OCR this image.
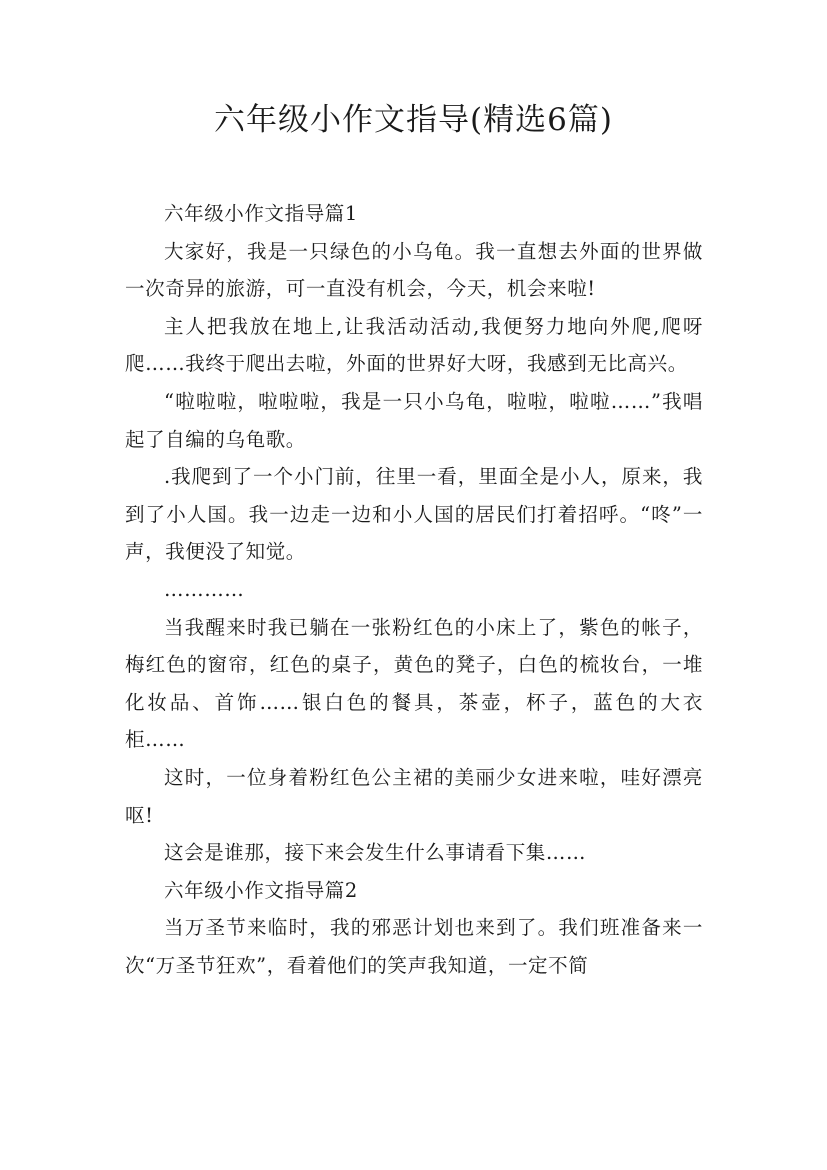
六年级小作文指导(精选6篇)

六年级小作文指导篇1

大家好，我是一只绿色的小乌龟。我一直想去外面的世界做一次奇异的旅游，可一直没有机会，今天，机会来啦!

主人把我放在地上,让我活动活动,我便努力地向外爬,爬呀爬……我终于爬出去啦，外面的世界好大呀，我感到无比高兴。

“啦啦啦，啦啦啦，我是一只小乌龟，啦啦，啦啦……”我唱起了自编的乌龟歌。

.我爬到了一个小门前，往里一看，里面全是小人，原来，我到了小人国。我一边走一边和小人国的居民们打着招呼。“咚”一声，我便没了知觉。

…………

当我醒来时我已躺在一张粉红色的小床上了，紫色的帐子，梅红色的窗帘，红色的桌子，黄色的凳子，白色的梳妆台，一堆化妆品、首饰……银白色的餐具，茶壶，杯子，蓝色的大衣柜……

这时，一位身着粉红色公主裙的美丽少女进来啦，哇好漂亮呕!

这会是谁那，接下来会发生什么事请看下集……

六年级小作文指导篇2

当万圣节来临时，我的邪恶计划也来到了。我们班准备来一次“万圣节狂欢”，看着他们的笑声我知道，一定不简
